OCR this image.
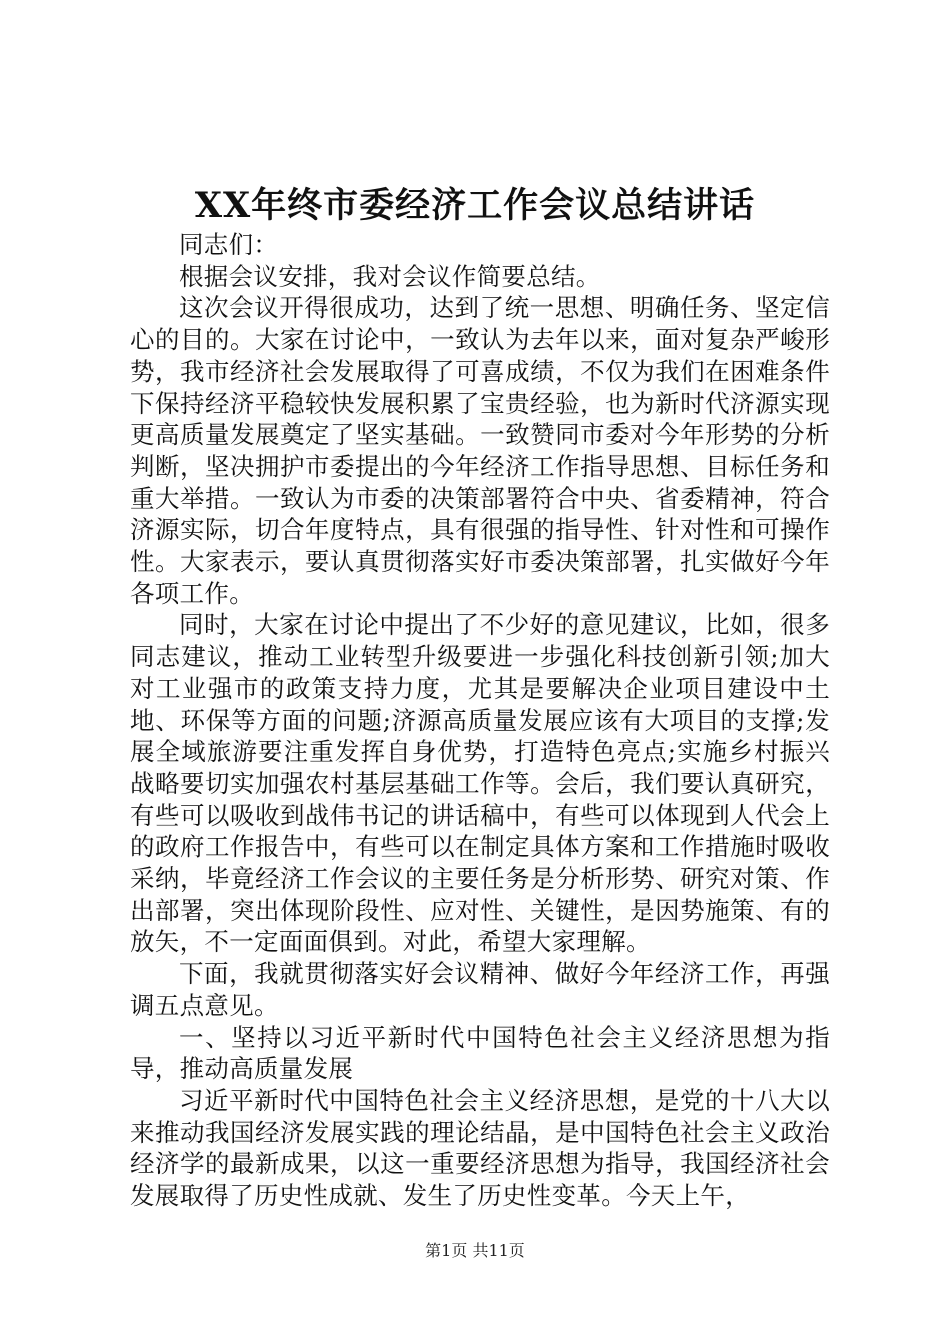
XX年终市委经济工作会议总结讲话

同志们：

根据会议安排，我对会议作简要总结。

这次会议开得很成功，达到了统一思想、明确任务、坚定信心的目的。大家在讨论中，一致认为去年以来，面对复杂严峻形势，我市经济社会发展取得了可喜成绩，不仅为我们在困难条件下保持经济平稳较快发展积累了宝贵经验，也为新时代济源实现更高质量发展奠定了坚实基础。一致赞同市委对今年形势的分析判断，坚决拥护市委提出的今年经济工作指导思想、目标任务和重大举措。一致认为市委的决策部署符合中央、省委精神，符合济源实际，切合年度特点，具有很强的指导性、针对性和可操作性。大家表示，要认真贯彻落实好市委决策部署，扎实做好今年各项工作。

同时，大家在讨论中提出了不少好的意见建议，比如，很多同志建议，推动工业转型升级要进一步强化科技创新引领;加大对工业强市的政策支持力度，尤其是要解决企业项目建设中土地、环保等方面的问题;济源高质量发展应该有大项目的支撑;发展全域旅游要注重发挥自身优势，打造特色亮点;实施乡村振兴战略要切实加强农村基层基础工作等。会后，我们要认真研究，有些可以吸收到战伟书记的讲话稿中，有些可以体现到人代会上的政府工作报告中，有些可以在制定具体方案和工作措施时吸收采纳，毕竟经济工作会议的主要任务是分析形势、研究对策、作出部署，突出体现阶段性、应对性、关键性，是因势施策、有的放矢，不一定面面俱到。对此，希望大家理解。

下面，我就贯彻落实好会议精神、做好今年经济工作，再强调五点意见。

一、坚持以习近平新时代中国特色社会主义经济思想为指导，推动高质量发展

习近平新时代中国特色社会主义经济思想，是党的十八大以来推动我国经济发展实践的理论结晶，是中国特色社会主义政治经济学的最新成果，以这一重要经济思想为指导，我国经济社会发展取得了历史性成就、发生了历史性变革。今天上午，

第1页 共11页
